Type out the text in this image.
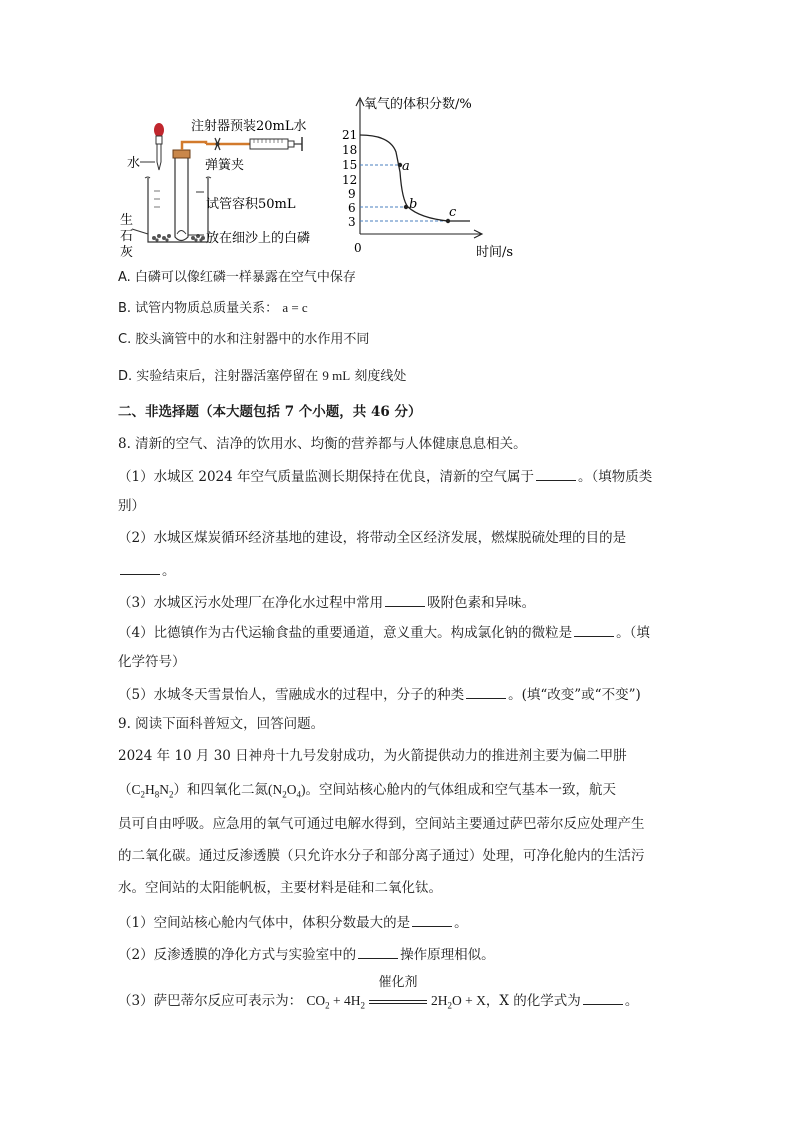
水
注射器预装20mL水
弹簧夹
试管容积50mL
放在细沙上的白磷
生
石
灰
氧气的体积分数/%
时间/s
0
21
18
15
12
9
6
3
a
b
c
A. 白磷可以像红磷一样暴露在空气中保存
B. 试管内物质总质量关系： a = c
C. 胶头滴管中的水和注射器中的水作用不同
D. 实验结束后，注射器活塞停留在 9 mL 刻度线处
二、非选择题（本大题包括 7 个小题，共 46 分）
8. 清新的空气、洁净的饮用水、均衡的营养都与人体健康息息相关。
（1）水城区 2024 年空气质量监测长期保持在优良，清新的空气属于	。（填物质类
别）
（2）水城区煤炭循环经济基地的建设，将带动全区经济发展，燃煤脱硫处理的目的是
。
（3）水城区污水处理厂在净化水过程中常用	吸附色素和异味。
（4）比德镇作为古代运输食盐的重要通道，意义重大。构成氯化钠的微粒是	。（填
化学符号）
（5）水城冬天雪景怡人，雪融成水的过程中，分子的种类	。(填“改变”或“不变”)
9. 阅读下面科普短文，回答问题。
2024 年 10 月 30 日神舟十九号发射成功，为火箭提供动力的推进剂主要为偏二甲肼
$(C_2H_8N_2)$和四氧化二氮$(N_2O_4)$。空间站核心舱内的气体组成和空气基本一致，航天
员可自由呼吸。应急用的氧气可通过电解水得到，空间站主要通过萨巴蒂尔反应处理产生
的二氧化碳。通过反渗透膜（只允许水分子和部分离子通过）处理，可净化舱内的生活污
水。空间站的太阳能帆板，主要材料是硅和二氧化钛。
（1）空间站核心舱内气体中，体积分数最大的是	。
（2）反渗透膜的净化方式与实验室中的	操作原理相似。
（3）萨巴蒂尔反应可表示为： $CO_2 + 4H_2$
催化剂
$2H_2O + X$，X 的化学式为	。
